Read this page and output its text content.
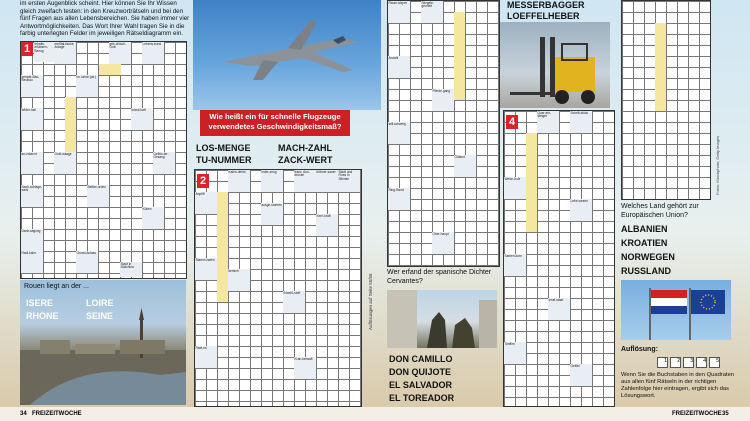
im ersten Augenblick scheint. Hier können Sie Ihr Wissen gleich zweifach testen: in den Kreuzworträtseln und bei den fünf Fragen aus allen Lebensbereichen. Sie haben immer vier Antwortmöglichkeiten. Das Wort Ihrer Wahl tragen Sie in die farbig unterlegten Felder im jeweiligen Rätseldiagramm ein.
1	Inhalts-erfassen-Bezug
meßtal-tische Anlage
Lebens-bund
grie-chisch-Gott
gerade-Bau-Neubau
im Jahre (lat.)
Wider-hall	krank-haft
an-erkannt	Gold-waage	Geflüs-ter-Gesang
Nach-schlage-werk
Bettler-orden
Küken
Dank-sagung
Radi-kaler	Grund-Anlass
Stadt in Südchina
Rouen liegt an der ...
ISERE	LOIRE
RHONE	SEINE
Wie heißt ein für schnelle Flugzeuge verwendetes Geschwindigkeitsmaß?
LOS-MENGE	MACH-ZAHL
TU-NUMMER	ZACK-WERT
2
Kalen-derist	leder-zeug	franz. Aus-drücke
trübner-sauer Stadt und Fluss in Sibirien
Anpfiff
ausge-storben
Kern-kraft
Stamm-hafen
tierisch
Eiweiß-stoff
Rate-rei
Kran-kensaft
Auflösungen auf Seite 55/56
Raum-körper	Sitzgele-genheit
Anzahl
Pferde-gang
still-schweig
Ödland
Ring-Rand
Ober-haupt
MESSERBAGGER
LOEFFELHEBER
4
Quer-ein-steiger
Schrift-stück
Weich-holz
Lebe-wesen
Samen-korn
Insel-staat
Tonfilm
Gefühl
Fotos: iStockphoto, Getty Images
Wer erfand der spanische Dichter Cervantes?
DON CAMILLO
DON QUIJOTE
EL SALVADOR
EL TOREADOR
Welches Land gehört zur Europäischen Union?
ALBANIEN
KROATIEN
NORWEGEN
RUSSLAND
Auflösung:
1	2	3	4	5
Wenn Sie die Buchstaben in den Quadraten aus allen fünf Rätseln in der richtigen Zahlenfolge hier eintragen, ergibt sich das Lösungswort.
34 FREIZEITWOCHE	FREIZEITWOCHE 35
